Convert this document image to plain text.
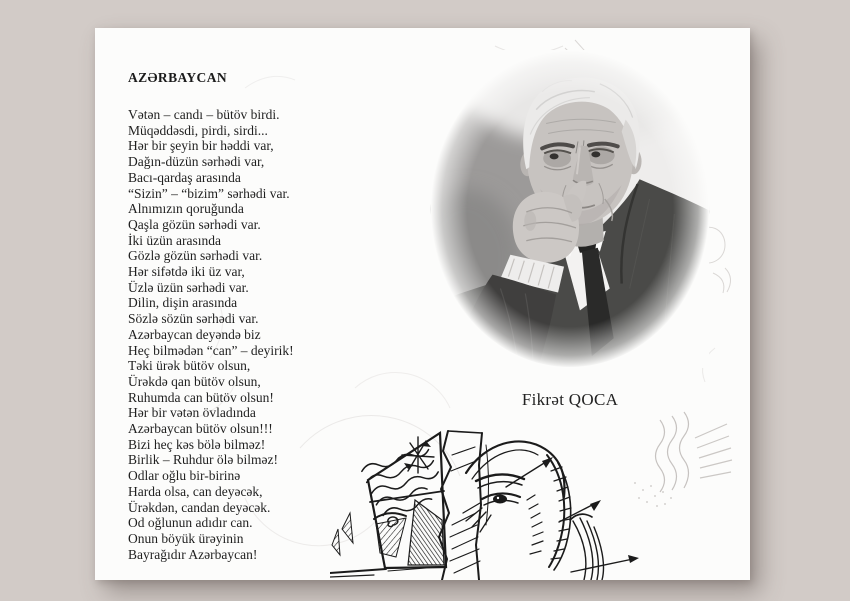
AZƏRBAYCAN
Vətən – candı – bütöv birdi.
Müqəddəsdi, pirdi, sirdi...
Hər bir şeyin bir həddi var,
Dağın-düzün sərhədi var,
Bacı-qardaş arasında
“Sizin” – “bizim” sərhədi var.
Alnımızın qoruğunda
Qaşla gözün sərhədi var.
İki üzün arasında
Gözlə gözün sərhədi var.
Hər sifətdə iki üz var,
Üzlə üzün sərhədi var.
Dilin, dişin arasında
Sözlə sözün sərhədi var.
Azərbaycan deyəndə biz
Heç bilmədən “can” – deyirik!
Təki ürək bütöv olsun,
Ürəkdə qan bütöv olsun,
Ruhumda can bütöv olsun!
Hər bir vətən övladında
Azərbaycan bütöv olsun!!!
Bizi heç kəs bölə bilməz!
Birlik – Ruhdur ölə bilməz!
Odlar oğlu bir-birinə
Harda olsa, can deyəcək,
Ürəkdən, candan deyəcək.
Od oğlunun adıdır can.
Onun böyük ürəyinin
Bayrağıdır Azərbaycan!
Fikrət QOCA
